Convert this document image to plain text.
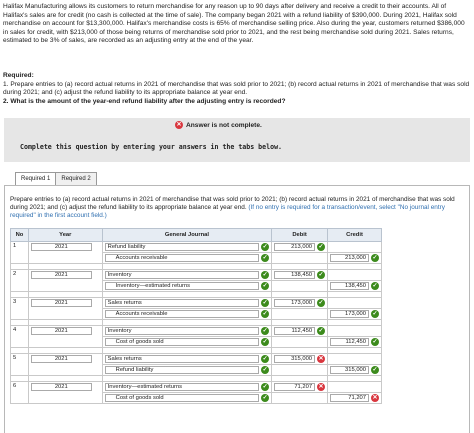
Halifax Manufacturing allows its customers to return merchandise for any reason up to 90 days after delivery and receive a credit to their accounts. All of Halifax's sales are for credit (no cash is collected at the time of sale). The company began 2021 with a refund liability of $390,000. During 2021, Halifax sold merchandise on account for $13,300,000. Halifax's merchandise costs is 65% of merchandise selling price. Also during the year, customers returned $386,000 in sales for credit, with $213,000 of those being returns of merchandise sold prior to 2021, and the rest being merchandise sold during 2021. Sales returns, estimated to be 3% of sales, are recorded as an adjusting entry at the end of the year.
Required:
1. Prepare entries to (a) record actual returns in 2021 of merchandise that was sold prior to 2021; (b) record actual returns in 2021 of merchandise that was sold during 2021; and (c) adjust the refund liability to its appropriate balance at year end.
2. What is the amount of the year-end refund liability after the adjusting entry is recorded?
✕ Answer is not complete.
Complete this question by entering your answers in the tabs below.
Required 1	Required 2
Prepare entries to (a) record actual returns in 2021 of merchandise that was sold prior to 2021; (b) record actual returns in 2021 of merchandise that was sold during 2021; and (c) adjust the refund liability to its appropriate balance at year end. (If no entry is required for a transaction/event, select "No journal entry required" in the first account field.)
No	Year	General Journal	Debit	Credit

1	2021	Refund liability ✓	213,000 ✓	

		Accounts receivable ✓		213,000 ✓

2	2021	Inventory ✓	138,450 ✓	

		Inventory—estimated returns ✓		138,450 ✓

3	2021	Sales returns ✓	173,000 ✓	

		Accounts receivable ✓		173,000 ✓

4	2021	Inventory ✓	112,450 ✓	

		Cost of goods sold ✓		112,450 ✓

5	2021	Sales returns ✓	315,000 ✕	

		Refund liability ✓		315,000 ✓

6	2021	Inventory—estimated returns ✓	71,207 ✕	

		Cost of goods sold ✓		71,207 ✕
